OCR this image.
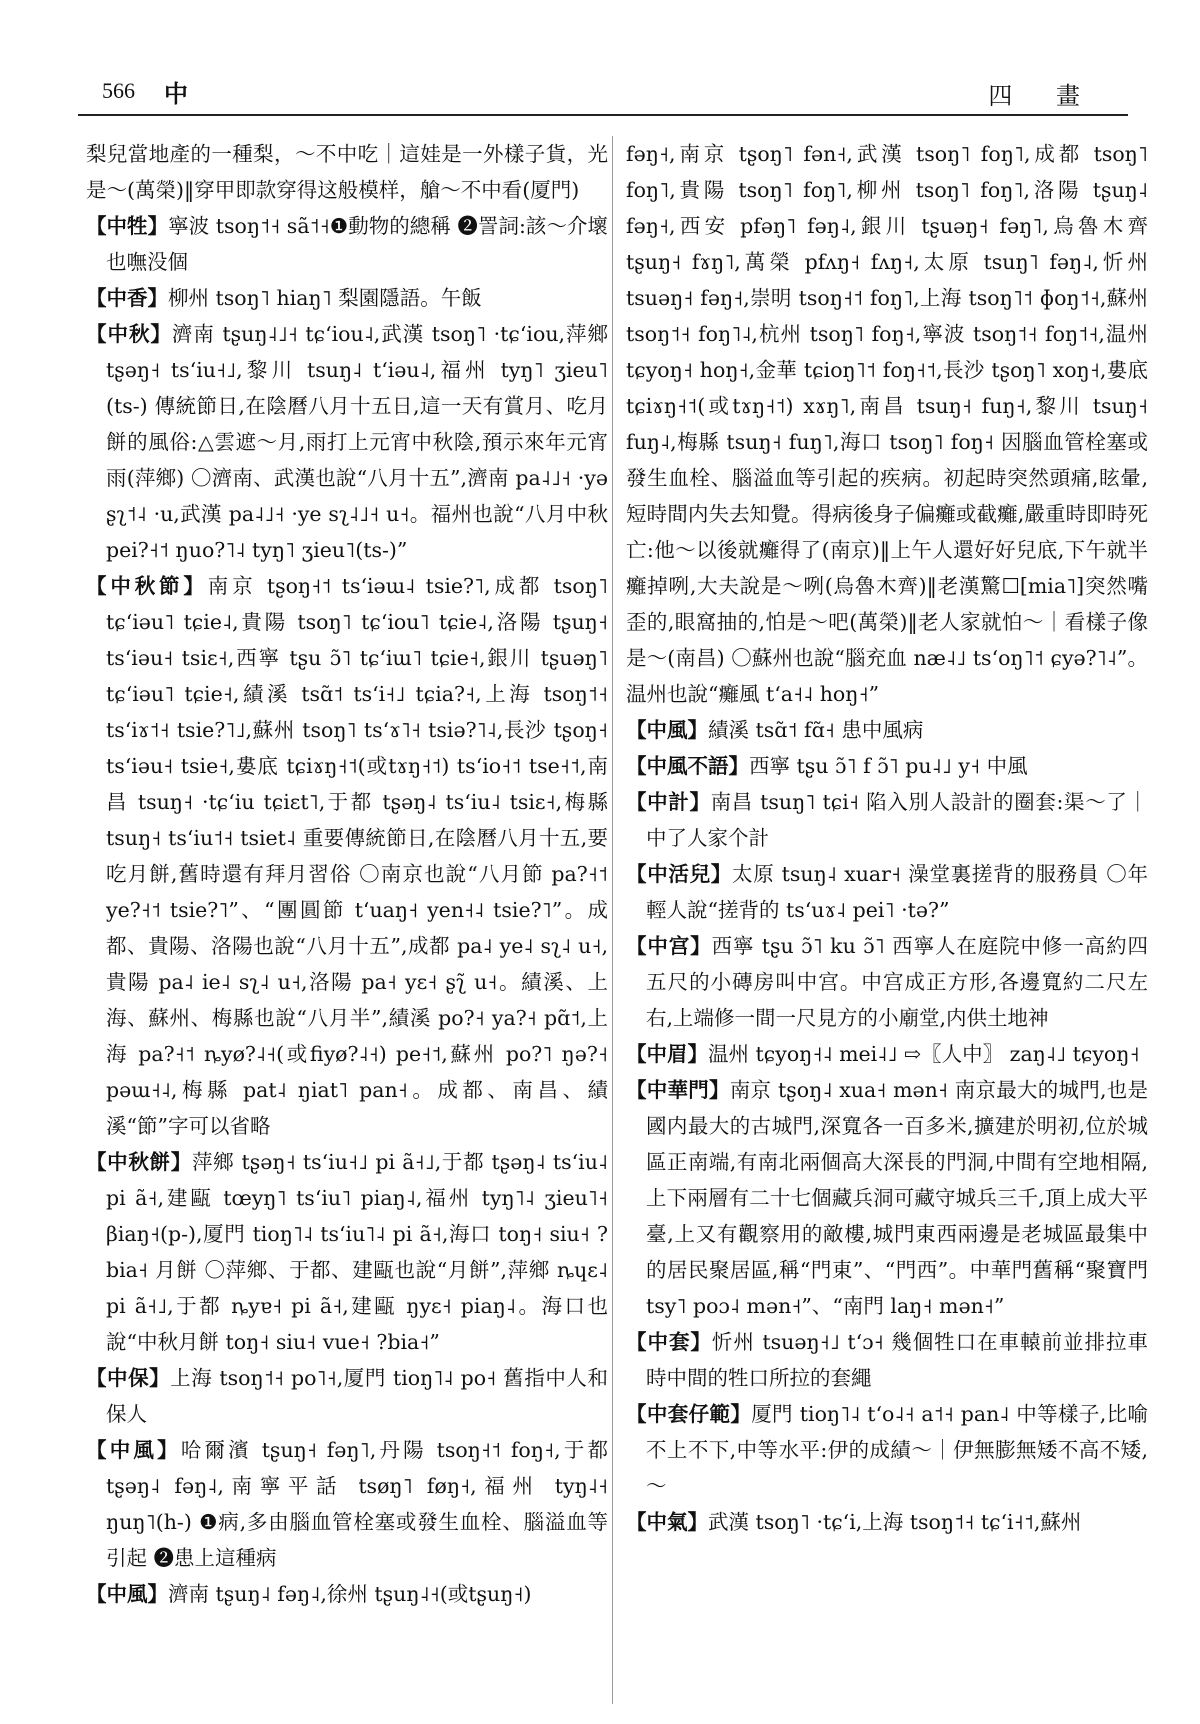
566 中	四 畫

梨兒當地產的一種梨，～不中吃｜這娃是一外樣子貨，光是～(萬榮)‖穿甲即款穿得这般模样，艙～不中看(厦門)

【中牲】寧波 tsoŋ˦˧ sã˦˧❶動物的總稱 ❷詈詞:該～介壞也嘸没個

【中香】柳州 tsoŋ˥ hiaŋ˥ 梨園隱語。午飯

【中秋】濟南 tʂuŋ˨˩˧ tɕʻiou˨,武漢 tsoŋ˥ ·tɕʻiou,萍鄉 tʂəŋ˧ tsʻiu˧˩,黎川 tsuŋ˨ tʻiəu˨,福州 tyŋ˥ ʒieu˥ (ts-) 傳統節日,在陰曆八月十五日,這一天有賞月、吃月餅的風俗:△雲遮～月,雨打上元宵中秋陰,預示來年元宵雨(萍鄉) 〇濟南、武漢也說“八月十五”,濟南 pa˨˩˧ ·yə ʂʅ˦˨ ·u,武漢 pa˨˩˧ ·ye sʅ˨˩˧ u˧。福州也說“八月中秋 pei?˧˦ ŋuo?˥˨ tyŋ˥ ʒieu˥(ts-)”

【中秋節】南京 tʂoŋ˧˦ tsʻiəɯ˨ tsie?˥,成都 tsoŋ˥ tɕʻiəu˥ tɕie˨,貴陽 tsoŋ˥ tɕʻiou˥ tɕie˨,洛陽 tʂuŋ˧ tsʻiəu˧ tsiɛ˧,西寧 tʂu ɔ̃˥ tɕʻiɯ˥ tɕie˧,銀川 tʂuəŋ˥ tɕʻiəu˥ tɕie˧,績溪 tsɑ̃˦ tsʻi˧˩ tɕia?˧,上海 tsoŋ˦˧ tsʻiɤ˦˧ tsie?˥˩,蘇州 tsoŋ˥ tsʻɤ˥˧ tsiə?˥˨,長沙 tʂoŋ˧ tsʻiəu˧ tsie˧,婁底 tɕiɤŋ˧˦(或tɤŋ˧˦) tsʻio˧˦ tse˧˦,南昌 tsuŋ˧ ·tɕʻiu tɕiɛt˥,于都 tʂəŋ˨ tsʻiu˨ tsiɛ˧,梅縣 tsuŋ˧ tsʻiu˦˧ tsiet˨ 重要傳統節日,在陰曆八月十五,要吃月餅,舊時還有拜月習俗 〇南京也說“八月節 pa?˧˦ ye?˧˦ tsie?˥”、“團圓節 tʻuaŋ˧ yen˧˨ tsie?˥”。成都、貴陽、洛陽也說“八月十五”,成都 pa˨ ye˨ sʅ˨ u˧,貴陽 pa˨ ie˨ sʅ˨ u˧,洛陽 pa˧ yɛ˧ ʂʅ̃ u˧。績溪、上海、蘇州、梅縣也說“八月半”,績溪 po?˧ ya?˧ pɑ̃˦,上海 pa?˧˦ ȵyø?˨˧(或fiyø?˨˧) pe˧˦,蘇州 po?˥ ŋə?˧ pəɯ˧˨,梅縣 pat˨ ŋiat˥ pan˧。成都、南昌、績溪“節”字可以省略

【中秋餅】萍鄉 tʂəŋ˧ tsʻiu˧˩ pi ã˧˩,于都 tʂəŋ˨ tsʻiu˨ pi ã˧,建甌 tœyŋ˥ tsʻiu˥ piaŋ˨,福州 tyŋ˥˨ ʒieu˥˧ βiaŋ˧(p-),厦門 tioŋ˥˨ tsʻiu˥˨ pi ã˧,海口 toŋ˧ siu˧ ?bia˧ 月餅 〇萍鄉、于都、建甌也說“月餅”,萍鄉 ȵɥɛ˨ pi ã˧˩,于都 ȵyɐ˧ pi ã˧,建甌 ŋyɛ˧ piaŋ˨。海口也說“中秋月餅 toŋ˧ siu˧ vue˧ ?bia˧”

【中保】上海 tsoŋ˦˧ po˥˧,厦門 tioŋ˥˨ po˧ 舊指中人和保人

【中風】哈爾濱 tʂuŋ˧ fəŋ˥,丹陽 tsoŋ˧˦ foŋ˧,于都 tʂəŋ˨ fəŋ˨,南寧平話 tsøŋ˥ føŋ˧,福州 tyŋ˨˧ ŋuŋ˥(h-) ❶病,多由腦血管栓塞或發生血栓、腦溢血等引起 ❷患上這種病

【中風】濟南 tʂuŋ˨ fəŋ˨,徐州 tʂuŋ˨˧(或tʂuŋ˧)

fəŋ˧,南京 tʂoŋ˥ fən˧,武漢 tsoŋ˥ foŋ˥,成都 tsoŋ˥ foŋ˥,貴陽 tsoŋ˥ foŋ˥,柳州 tsoŋ˥ foŋ˥,洛陽 tʂuŋ˨ fəŋ˧,西安 pfəŋ˥ fəŋ˨,銀川 tʂuəŋ˧ fəŋ˥,烏魯木齊 tʂuŋ˧ fɤŋ˥,萬榮 pfʌŋ˧ fʌŋ˧,太原 tsuŋ˥ fəŋ˨,忻州 tsuəŋ˧ fəŋ˧,崇明 tsoŋ˧˦ foŋ˥,上海 tsoŋ˥˦ ɸoŋ˦˧,蘇州 tsoŋ˦˧ foŋ˥˨,杭州 tsoŋ˥ foŋ˧,寧波 tsoŋ˦˧ foŋ˦˧,温州 tɕyoŋ˧ hoŋ˧,金華 tɕioŋ˥˦ foŋ˧˦,長沙 tʂoŋ˥ xoŋ˧,婁底 tɕiɤŋ˧˦(或tɤŋ˧˦) xɤŋ˥,南昌 tsuŋ˧ fuŋ˧,黎川 tsuŋ˧ fuŋ˨,梅縣 tsuŋ˧ fuŋ˥,海口 tsoŋ˥ foŋ˧ 因腦血管栓塞或發生血栓、腦溢血等引起的疾病。初起時突然頭痛,眩暈,短時間内失去知覺。得病後身子偏癱或截癱,嚴重時即時死亡:他～以後就癱得了(南京)‖上午人還好好兒底,下午就半癱掉咧,大夫說是～咧(烏魯木齊)‖老漢驚☐[mia˥]突然嘴歪的,眼窩抽的,怕是～吧(萬榮)‖老人家就怕～｜看樣子像是～(南昌) 〇蘇州也說“腦充血 næ˨˩ tsʻoŋ˥˦ ɕyə?˥˨”。温州也說“癱風 tʻa˧˨ hoŋ˧”

【中風】績溪 tsɑ̃˦ fɑ̃˧ 患中風病

【中風不語】西寧 tʂu ɔ̃˥ f ɔ̃˥ pu˨˩ y˧ 中風

【中計】南昌 tsuŋ˥ tɕi˧ 陷入別人設計的圈套:渠～了｜中了人家个計

【中活兒】太原 tsuŋ˨ xuar˧ 澡堂裏搓背的服務員 〇年輕人說“搓背的 tsʻuɤ˨ pei˥ ·tə?”

【中宫】西寧 tʂu ɔ̃˥ ku ɔ̃˥ 西寧人在庭院中修一高約四五尺的小磚房叫中宫。中宫成正方形,各邊寬約二尺左右,上端修一間一尺見方的小廟堂,内供土地神

【中眉】温州 tɕyoŋ˧˨ mei˨˩ ⇨〖人中〗 zaŋ˨˩ tɕyoŋ˧

【中華門】南京 tʂoŋ˨ xua˧ mən˧ 南京最大的城門,也是國内最大的古城門,深寬各一百多米,擴建於明初,位於城區正南端,有南北兩個高大深長的門洞,中間有空地相隔,上下兩層有二十七個藏兵洞可藏守城兵三千,頂上成大平臺,上又有觀察用的敵樓,城門東西兩邊是老城區最集中的居民聚居區,稱“門東”、“門西”。中華門舊稱“聚寶門 tsy˥ poɔ˨ mən˧”、“南門 laŋ˧ mən˧”

【中套】忻州 tsuəŋ˧˩ tʻɔ˧ 幾個牲口在車轅前並排拉車時中間的牲口所拉的套繩

【中套仔範】厦門 tioŋ˥˨ tʻo˨˧ a˦˧ pan˨ 中等樣子,比喻不上不下,中等水平:伊的成績～｜伊無膨無矮不高不矮,～

【中氣】武漢 tsoŋ˥ ·tɕʻi,上海 tsoŋ˦˧ tɕʻi˧˦,蘇州
